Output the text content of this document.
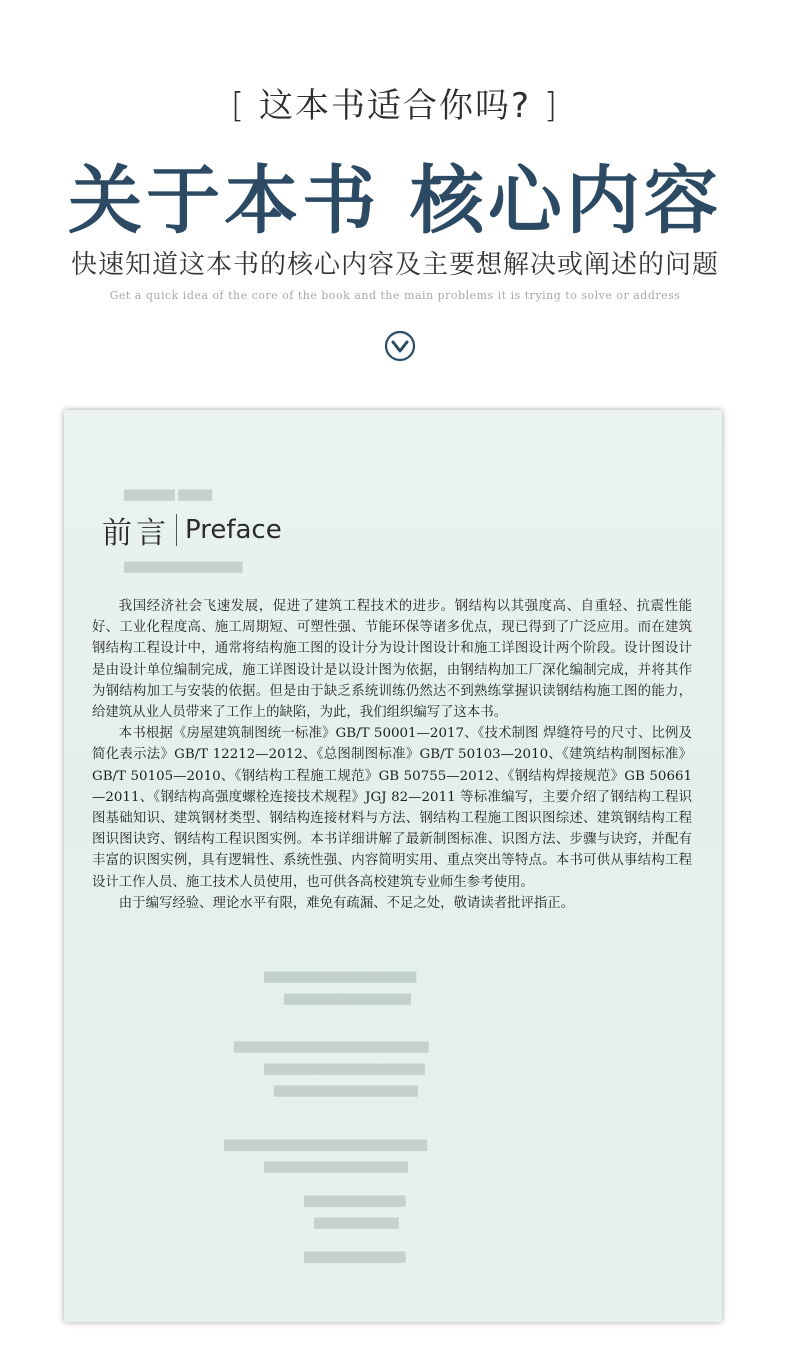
[ 这本书适合你吗? ]
关于本书 核心内容
快速知道这本书的核心内容及主要想解决或阐述的问题
Get a quick idea of the core of the book and the main problems it is trying to solve or address
▇▇▇▇▇▇ ▇▇▇▇
▇▇▇▇▇▇▇▇▇▇▇▇▇▇
▇▇▇▇▇▇▇▇▇▇▇▇▇▇▇▇▇▇
▇▇▇▇▇▇▇▇▇▇▇▇▇▇▇
▇▇▇▇▇▇▇▇▇▇▇▇▇▇▇▇▇▇▇▇▇▇▇
▇▇▇▇▇▇▇▇▇▇▇▇▇▇▇▇▇▇▇
▇▇▇▇▇▇▇▇▇▇▇▇▇▇▇▇▇
▇▇▇▇▇▇▇▇▇▇▇▇▇▇▇▇▇▇▇▇▇▇▇▇
▇▇▇▇▇▇▇▇▇▇▇▇▇▇▇▇▇
▇▇▇▇▇▇▇▇▇▇▇▇
▇▇▇▇▇▇▇▇▇▇
▇▇▇▇▇▇▇▇▇▇▇▇
前言 Preface

我国经济社会飞速发展，促进了建筑工程技术的进步。钢结构以其强度高、自重轻、抗震性能好、工业化程度高、施工周期短、可塑性强、节能环保等诸多优点，现已得到了广泛应用。而在建筑钢结构工程设计中，通常将结构施工图的设计分为设计图设计和施工详图设计两个阶段。设计图设计是由设计单位编制完成，施工详图设计是以设计图为依据，由钢结构加工厂深化编制完成，并将其作为钢结构加工与安装的依据。但是由于缺乏系统训练仍然达不到熟练掌握识读钢结构施工图的能力，给建筑从业人员带来了工作上的缺陷，为此，我们组织编写了这本书。

本书根据《房屋建筑制图统一标准》GB/T 50001—2017、《技术制图 焊缝符号的尺寸、比例及简化表示法》GB/T 12212—2012、《总图制图标准》GB/T 50103—2010、《建筑结构制图标准》GB/T 50105—2010、《钢结构工程施工规范》GB 50755—2012、《钢结构焊接规范》GB 50661—2011、《钢结构高强度螺栓连接技术规程》JGJ 82—2011 等标准编写，主要介绍了钢结构工程识图基础知识、建筑钢材类型、钢结构连接材料与方法、钢结构工程施工图识图综述、建筑钢结构工程图识图诀窍、钢结构工程识图实例。本书详细讲解了最新制图标准、识图方法、步骤与诀窍，并配有丰富的识图实例，具有逻辑性、系统性强、内容简明实用、重点突出等特点。本书可供从事结构工程设计工作人员、施工技术人员使用，也可供各高校建筑专业师生参考使用。

由于编写经验、理论水平有限，难免有疏漏、不足之处，敬请读者批评指正。
